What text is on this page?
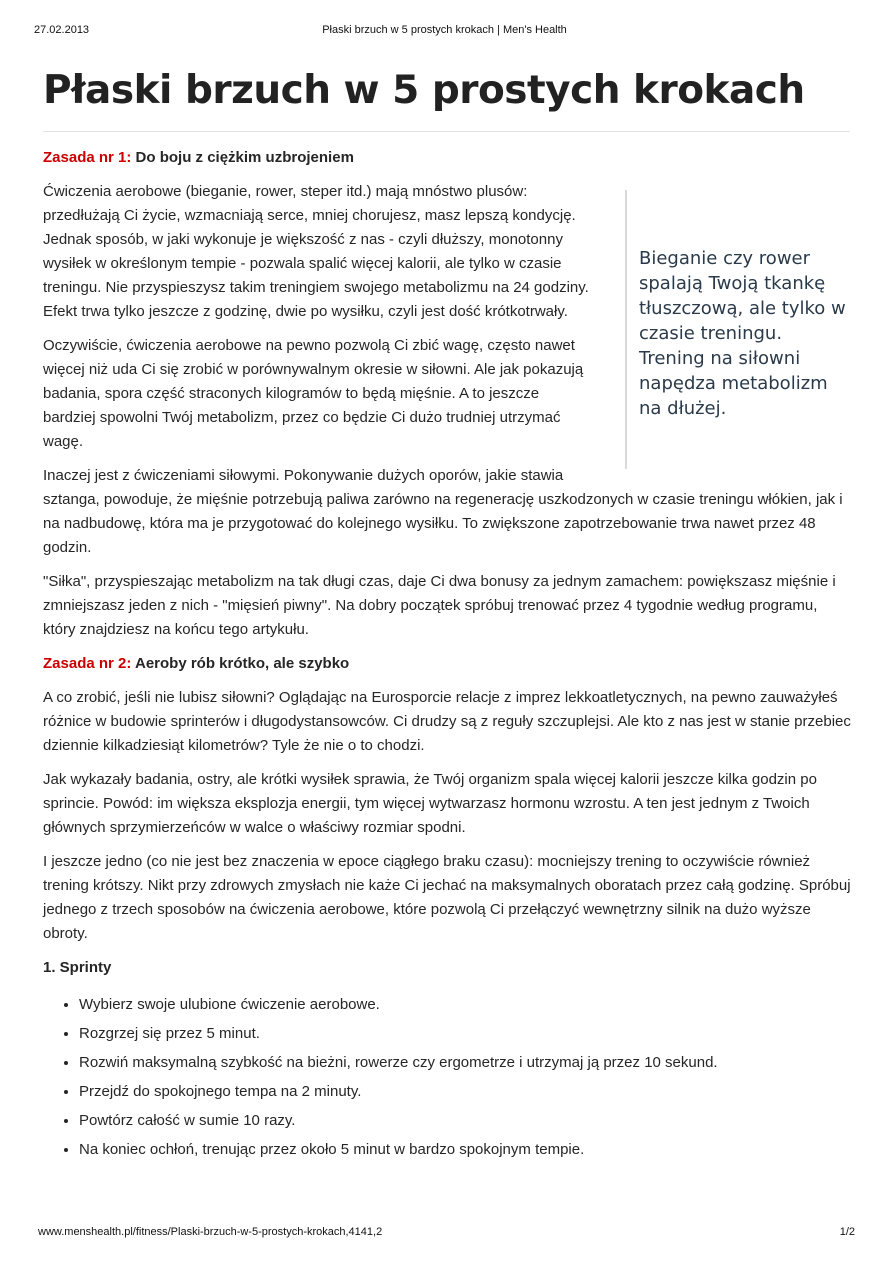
27.02.2013	Płaski brzuch w 5 prostych krokach | Men's Health
Płaski brzuch w 5 prostych krokach
Zasada nr 1: Do boju z ciężkim uzbrojeniem
Bieganie czy rower spalają Twoją tkankę tłuszczową, ale tylko w czasie treningu. Trening na siłowni napędza metabolizm na dłużej.

Ćwiczenia aerobowe (bieganie, rower, steper itd.) mają mnóstwo plusów: przedłużają Ci życie, wzmacniają serce, mniej chorujesz, masz lepszą kondycję. Jednak sposób, w jaki wykonuje je większość z nas - czyli dłuższy, monotonny wysiłek w określonym tempie - pozwala spalić więcej kalorii, ale tylko w czasie treningu. Nie przyspieszysz takim treningiem swojego metabolizmu na 24 godziny. Efekt trwa tylko jeszcze z godzinę, dwie po wysiłku, czyli jest dość krótkotrwały.

Oczywiście, ćwiczenia aerobowe na pewno pozwolą Ci zbić wagę, często nawet więcej niż uda Ci się zrobić w porównywalnym okresie w siłowni. Ale jak pokazują badania, spora część straconych kilogramów to będą mięśnie. A to jeszcze bardziej spowolni Twój metabolizm, przez co będzie Ci dużo trudniej utrzymać wagę.

Inaczej jest z ćwiczeniami siłowymi. Pokonywanie dużych oporów, jakie stawia sztanga, powoduje, że mięśnie potrzebują paliwa zarówno na regenerację uszkodzonych w czasie treningu włókien, jak i na nadbudowę, która ma je przygotować do kolejnego wysiłku. To zwiększone zapotrzebowanie trwa nawet przez 48 godzin.

"Siłka", przyspieszając metabolizm na tak długi czas, daje Ci dwa bonusy za jednym zamachem: powiększasz mięśnie i zmniejszasz jeden z nich - "mięsień piwny". Na dobry początek spróbuj trenować przez 4 tygodnie według programu, który znajdziesz na końcu tego artykułu.

Zasada nr 2: Aeroby rób krótko, ale szybko

A co zrobić, jeśli nie lubisz siłowni? Oglądając na Eurosporcie relacje z imprez lekkoatletycznych, na pewno zauważyłeś różnice w budowie sprinterów i długodystansowców. Ci drudzy są z reguły szczuplejsi. Ale kto z nas jest w stanie przebiec dziennie kilkadziesiąt kilometrów? Tyle że nie o to chodzi.

Jak wykazały badania, ostry, ale krótki wysiłek sprawia, że Twój organizm spala więcej kalorii jeszcze kilka godzin po sprincie. Powód: im większa eksplozja energii, tym więcej wytwarzasz hormonu wzrostu. A ten jest jednym z Twoich głównych sprzymierzeńców w walce o właściwy rozmiar spodni.

I jeszcze jedno (co nie jest bez znaczenia w epoce ciągłego braku czasu): mocniejszy trening to oczywiście również trening krótszy. Nikt przy zdrowych zmysłach nie każe Ci jechać na maksymalnych oboratach przez całą godzinę. Spróbuj jednego z trzech sposobów na ćwiczenia aerobowe, które pozwolą Ci przełączyć wewnętrzny silnik na dużo wyższe obroty.

1. Sprinty
• Wybierz swoje ulubione ćwiczenie aerobowe.
• Rozgrzej się przez 5 minut.
• Rozwiń maksymalną szybkość na bieżni, rowerze czy ergometrze i utrzymaj ją przez 10 sekund.
• Przejdź do spokojnego tempa na 2 minuty.
• Powtórz całość w sumie 10 razy.
• Na koniec ochłoń, trenując przez około 5 minut w bardzo spokojnym tempie.
www.menshealth.pl/fitness/Plaski-brzuch-w-5-prostych-krokach,4141,2	1/2
